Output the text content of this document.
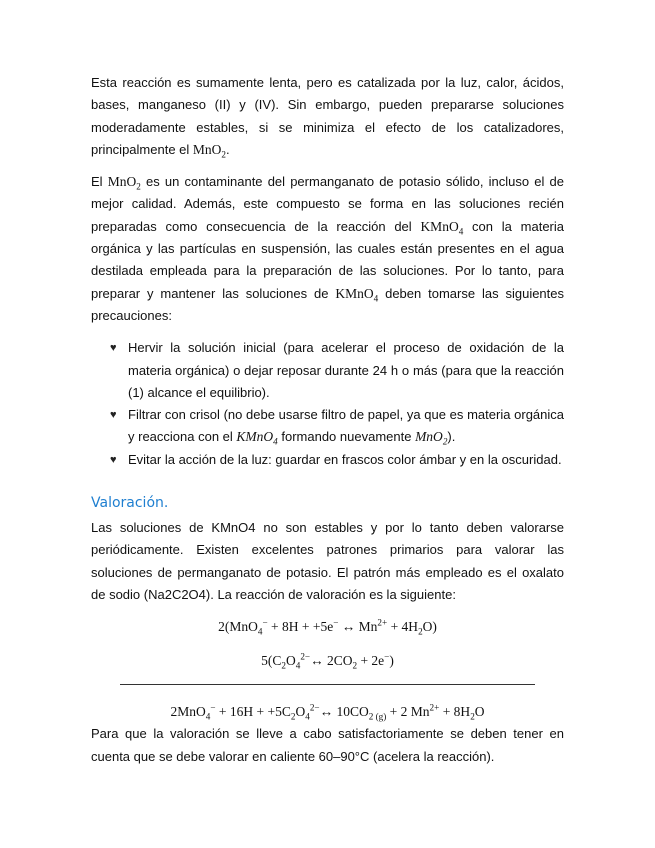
Esta reacción es sumamente lenta, pero es catalizada por la luz, calor, ácidos, bases, manganeso (II) y (IV). Sin embargo, pueden prepararse soluciones moderadamente estables, si se minimiza el efecto de los catalizadores, principalmente el MnO$_2$.

El MnO$_2$ es un contaminante del permanganato de potasio sólido, incluso el de mejor calidad. Además, este compuesto se forma en las soluciones recién preparadas como consecuencia de la reacción del KMnO$_4$ con la materia orgánica y las partículas en suspensión, las cuales están presentes en el agua destilada empleada para la preparación de las soluciones. Por lo tanto, para preparar y mantener las soluciones de KMnO$_4$ deben tomarse las siguientes precauciones:

♥ Hervir la solución inicial (para acelerar el proceso de oxidación de la materia orgánica) o dejar reposar durante 24 h o más (para que la reacción (1) alcance el equilibrio).
♥ Filtrar con crisol (no debe usarse filtro de papel, ya que es materia orgánica y reacciona con el KMnO$_4$ formando nuevamente MnO$_2$).
♥ Evitar la acción de la luz: guardar en frascos color ámbar y en la oscuridad.
Valoración.

Las soluciones de KMnO4 no son estables y por lo tanto deben valorarse periódicamente. Existen excelentes patrones primarios para valorar las soluciones de permanganato de potasio. El patrón más empleado es el oxalato de sodio (Na2C2O4). La reacción de valoración es la siguiente:

2(MnO$_4$− + 8H + +5e− ↔ $Mn^{2+} + 4H_2O$)

$5(C_2O_4^{2-}\leftrightarrow$ $2CO_2 + 2e^-$)

$2MnO_4^- + 16H + +5C_2O_4^{2-}\leftrightarrow$ $10CO_{2 (g)} + 2$ $Mn^{2+} + 8H_2O$

Para que la valoración se lleve a cabo satisfactoriamente se deben tener en cuenta que se debe valorar en caliente 60–90°C (acelera la reacción).
